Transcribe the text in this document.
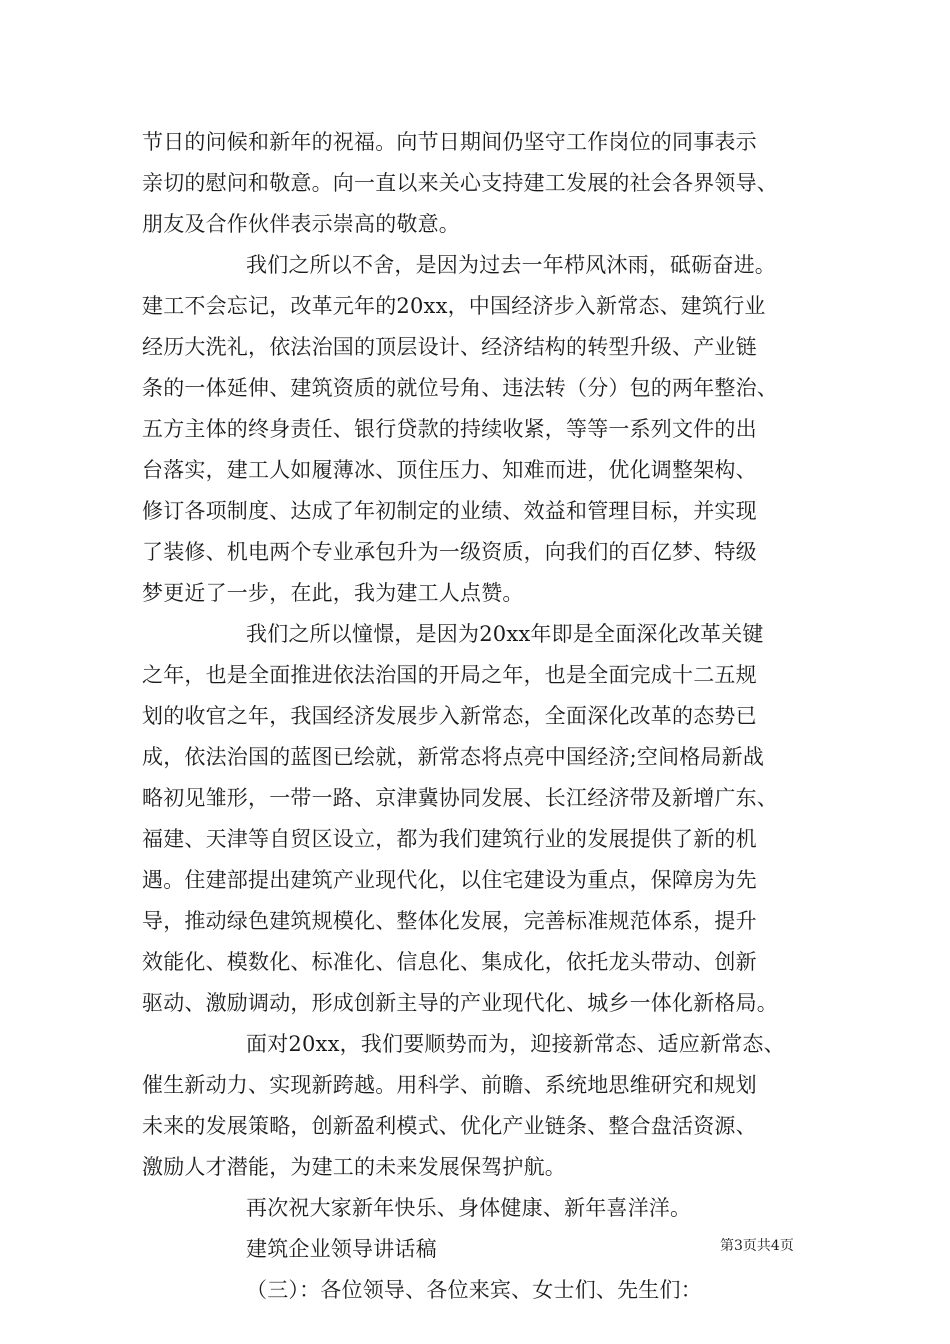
节日的问候和新年的祝福。向节日期间仍坚守工作岗位的同事表示
亲切的慰问和敬意。向一直以来关心支持建工发展的社会各界领导、
朋友及合作伙伴表示崇高的敬意。
我们之所以不舍，是因为过去一年栉风沐雨，砥砺奋进。
建工不会忘记，改革元年的20xx，中国经济步入新常态、建筑行业
经历大洗礼，依法治国的顶层设计、经济结构的转型升级、产业链
条的一体延伸、建筑资质的就位号角、违法转（分）包的两年整治、
五方主体的终身责任、银行贷款的持续收紧，等等一系列文件的出
台落实，建工人如履薄冰、顶住压力、知难而进，优化调整架构、
修订各项制度、达成了年初制定的业绩、效益和管理目标，并实现
了装修、机电两个专业承包升为一级资质，向我们的百亿梦、特级
梦更近了一步，在此，我为建工人点赞。
我们之所以憧憬，是因为20xx年即是全面深化改革关键
之年，也是全面推进依法治国的开局之年，也是全面完成十二五规
划的收官之年，我国经济发展步入新常态，全面深化改革的态势已
成，依法治国的蓝图已绘就，新常态将点亮中国经济;空间格局新战
略初见雏形，一带一路、京津冀协同发展、长江经济带及新增广东、
福建、天津等自贸区设立，都为我们建筑行业的发展提供了新的机
遇。住建部提出建筑产业现代化，以住宅建设为重点，保障房为先
导，推动绿色建筑规模化、整体化发展，完善标准规范体系，提升
效能化、模数化、标准化、信息化、集成化，依托龙头带动、创新
驱动、激励调动，形成创新主导的产业现代化、城乡一体化新格局。
面对20xx，我们要顺势而为，迎接新常态、适应新常态、
催生新动力、实现新跨越。用科学、前瞻、系统地思维研究和规划
未来的发展策略，创新盈利模式、优化产业链条、整合盘活资源、
激励人才潜能，为建工的未来发展保驾护航。
再次祝大家新年快乐、身体健康、新年喜洋洋。
建筑企业领导讲话稿
（三）：各位领导、各位来宾、女士们、先生们：
第3页共4页
